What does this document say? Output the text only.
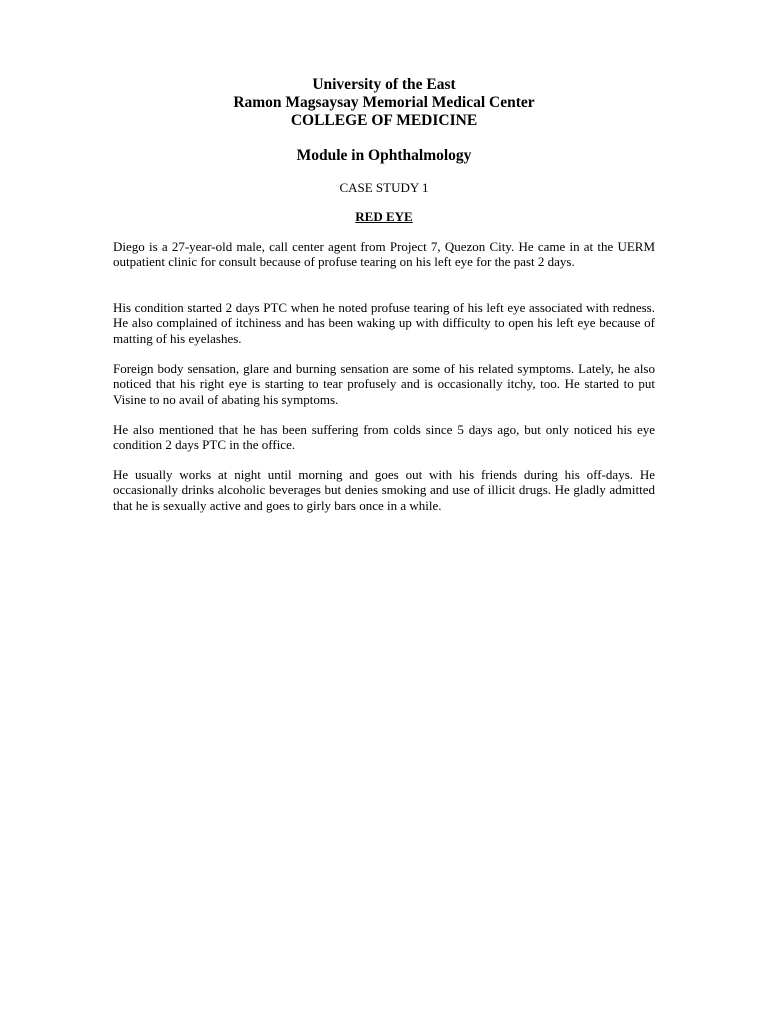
University of the East
Ramon Magsaysay Memorial Medical Center
COLLEGE OF MEDICINE
Module in Ophthalmology
CASE STUDY 1
RED EYE

Diego is a 27-year-old male, call center agent from Project 7, Quezon City. He came in at the UERM outpatient clinic for consult because of profuse tearing on his left eye for the past 2 days.

His condition started 2 days PTC when he noted profuse tearing of his left eye associated with redness. He also complained of itchiness and has been waking up with difficulty to open his left eye because of matting of his eyelashes.

Foreign body sensation, glare and burning sensation are some of his related symptoms. Lately, he also noticed that his right eye is starting to tear profusely and is occasionally itchy, too. He started to put Visine to no avail of abating his symptoms.

He also mentioned that he has been suffering from colds since 5 days ago, but only noticed his eye condition 2 days PTC in the office.

He usually works at night until morning and goes out with his friends during his off-days. He occasionally drinks alcoholic beverages but denies smoking and use of illicit drugs. He gladly admitted that he is sexually active and goes to girly bars once in a while.
